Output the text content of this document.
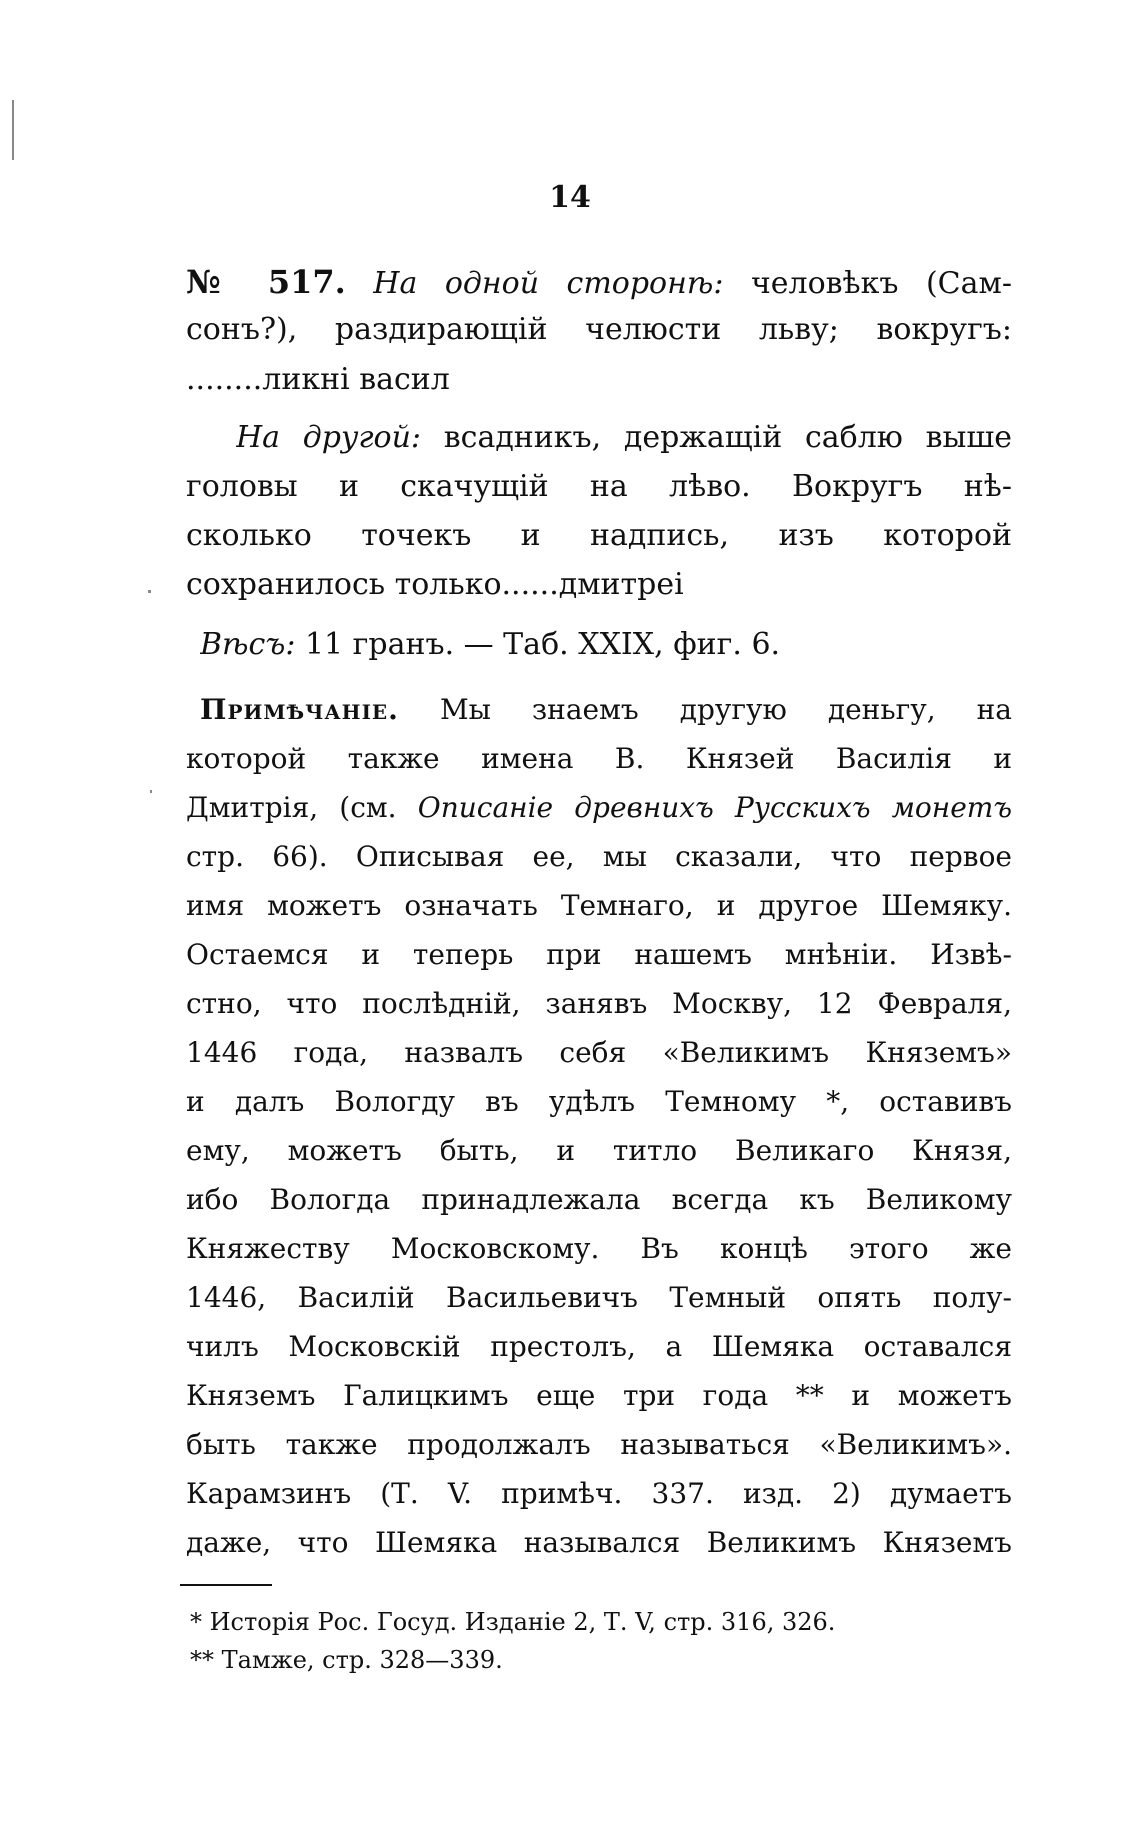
14
№ 517. На одной сторонѣ: человѣкъ (Сам-
сонъ?), раздирающій челюсти льву; вокругъ:
........ликні васил
На другой: всадникъ, держащій саблю выше
головы и скачущій на лѣво. Вокругъ нѣ-
сколько точекъ и надпись, изъ которой
сохранилось только......дмитреі
Вѣсъ: 11 гранъ. — Таб. XXIX, фиг. 6.
Примѣчаніе. Мы знаемъ другую деньгу, на
которой также имена В. Князей Василія и
Дмитрія, (см. Описаніе древнихъ Русскихъ монетъ
стр. 66). Описывая ее, мы сказали, что первое
имя можетъ означать Темнаго, и другое Шемяку.
Остаемся и теперь при нашемъ мнѣніи. Извѣ-
стно, что послѣдній, занявъ Москву, 12 Февраля,
1446 года, назвалъ себя «Великимъ Княземъ»
и далъ Вологду въ удѣлъ Темному *, оставивъ
ему, можетъ быть, и титло Великаго Князя,
ибо Вологда принадлежала всегда къ Великому
Княжеству Московскому. Въ концѣ этого же
1446, Василій Васильевичъ Темный опять полу-
чилъ Московскій престолъ, а Шемяка оставался
Княземъ Галицкимъ еще три года ** и можетъ
быть также продолжалъ называться «Великимъ».
Карамзинъ (Т. V. примѣч. 337. изд. 2) думаетъ
даже, что Шемяка назывался Великимъ Княземъ
* Исторія Рос. Госуд. Изданіе 2, Т. V, стр. 316, 326.
** Тамже, стр. 328—339.
